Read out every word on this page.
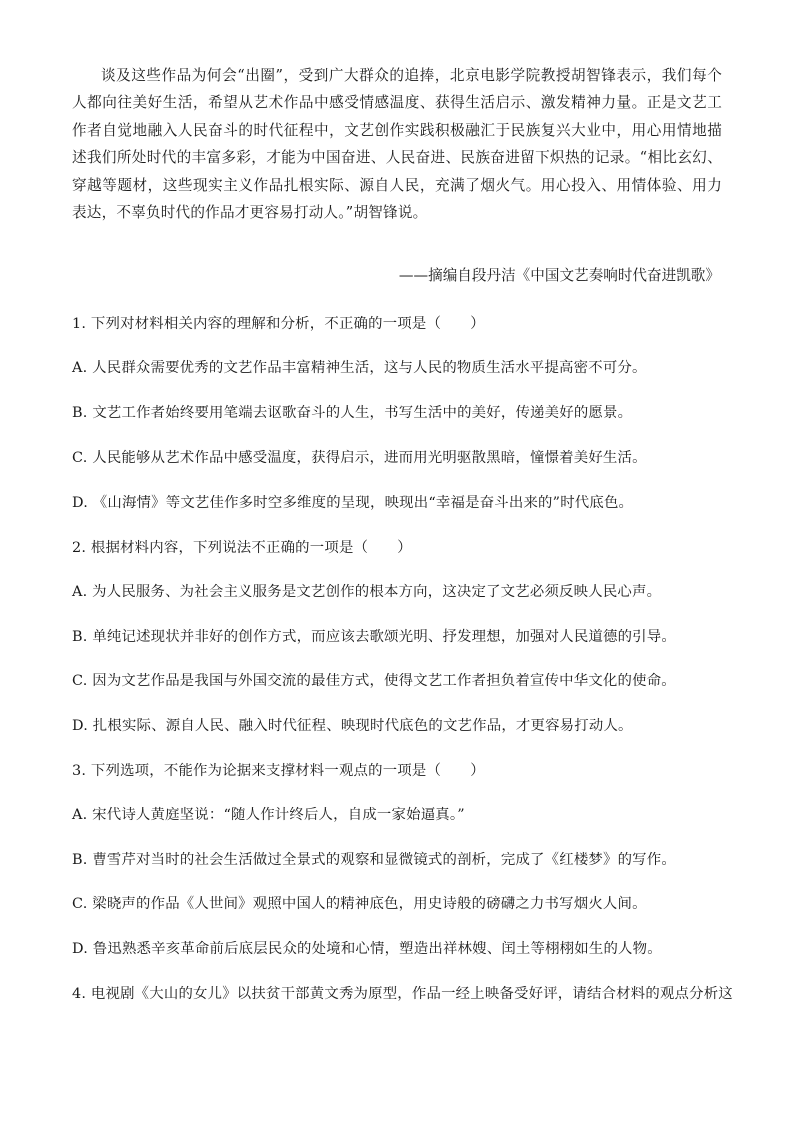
谈及这些作品为何会“出圈”，受到广大群众的追捧，北京电影学院教授胡智锋表示，我们每个人都向往美好生活，希望从艺术作品中感受情感温度、获得生活启示、激发精神力量。正是文艺工作者自觉地融入人民奋斗的时代征程中，文艺创作实践积极融汇于民族复兴大业中，用心用情地描述我们所处时代的丰富多彩，才能为中国奋进、人民奋进、民族奋进留下炽热的记录。“相比玄幻、穿越等题材，这些现实主义作品扎根实际、源自人民，充满了烟火气。用心投入、用情体验、用力表达，不辜负时代的作品才更容易打动人。”胡智锋说。

——摘编自段丹洁《中国文艺奏响时代奋进凯歌》
1. 下列对材料相关内容的理解和分析，不正确的一项是（　　）
A. 人民群众需要优秀的文艺作品丰富精神生活，这与人民的物质生活水平提高密不可分。
B. 文艺工作者始终要用笔端去讴歌奋斗的人生，书写生活中的美好，传递美好的愿景。
C. 人民能够从艺术作品中感受温度，获得启示，进而用光明驱散黑暗，憧憬着美好生活。
D. 《山海情》等文艺佳作多时空多维度的呈现，映现出“幸福是奋斗出来的”时代底色。
2. 根据材料内容，下列说法不正确的一项是（　　）
A. 为人民服务、为社会主义服务是文艺创作的根本方向，这决定了文艺必须反映人民心声。
B. 单纯记述现状并非好的创作方式，而应该去歌颂光明、抒发理想，加强对人民道德的引导。
C. 因为文艺作品是我国与外国交流的最佳方式，使得文艺工作者担负着宣传中华文化的使命。
D. 扎根实际、源自人民、融入时代征程、映现时代底色的文艺作品，才更容易打动人。
3. 下列选项，不能作为论据来支撑材料一观点的一项是（　　）
A. 宋代诗人黄庭坚说：“随人作计终后人，自成一家始逼真。”
B. 曹雪芹对当时的社会生活做过全景式的观察和显微镜式的剖析，完成了《红楼梦》的写作。
C. 梁晓声的作品《人世间》观照中国人的精神底色，用史诗般的磅礴之力书写烟火人间。
D. 鲁迅熟悉辛亥革命前后底层民众的处境和心情，塑造出祥林嫂、闰土等栩栩如生的人物。
4. 电视剧《大山的女儿》以扶贫干部黄文秀为原型，作品一经上映备受好评，请结合材料的观点分析这
